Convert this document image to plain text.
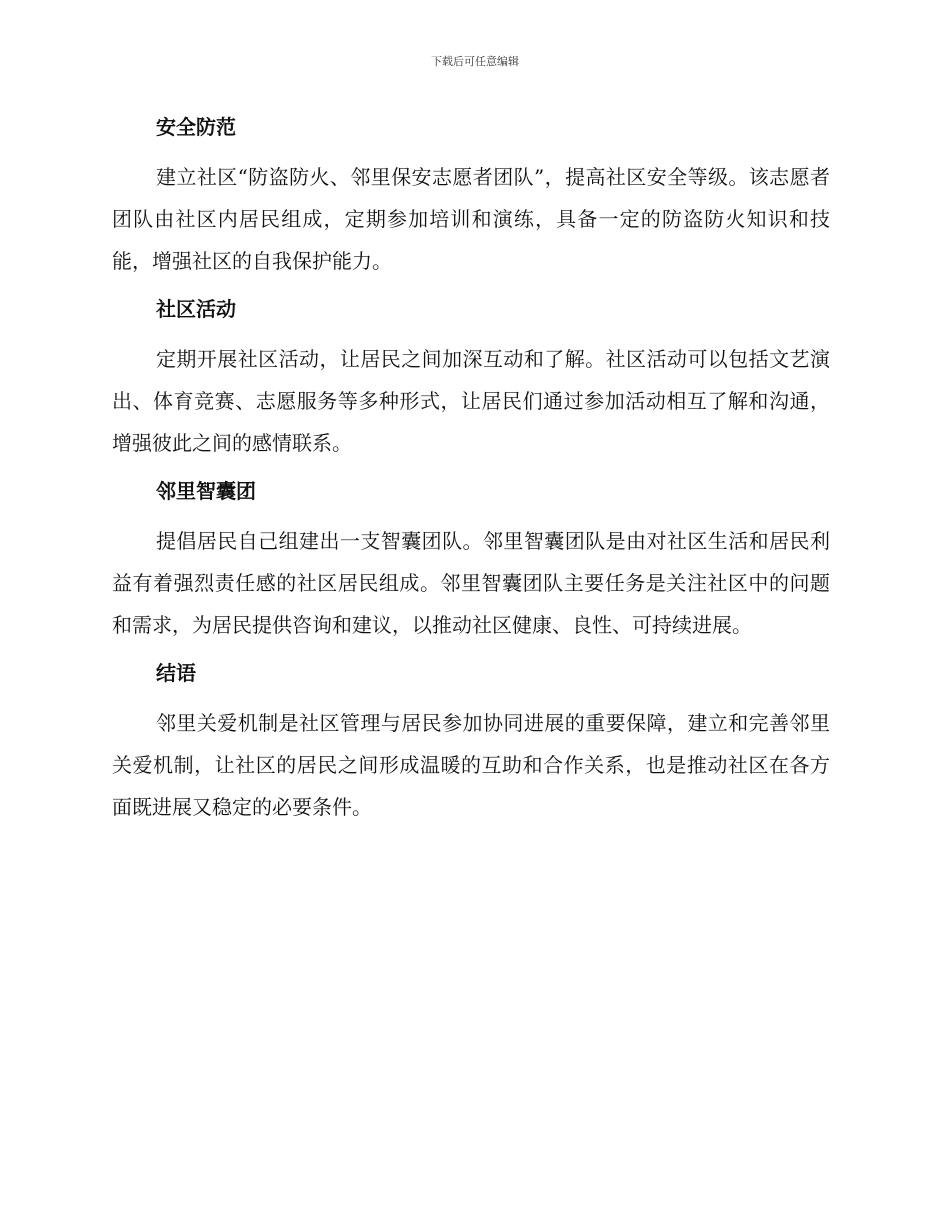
下载后可任意编辑
安全防范

建立社区“防盗防火、邻里保安志愿者团队”，提高社区安全等级。该志愿者团队由社区内居民组成，定期参加培训和演练，具备一定的防盗防火知识和技能，增强社区的自我保护能力。

社区活动

定期开展社区活动，让居民之间加深互动和了解。社区活动可以包括文艺演出、体育竞赛、志愿服务等多种形式，让居民们通过参加活动相互了解和沟通，增强彼此之间的感情联系。

邻里智囊团

提倡居民自己组建出一支智囊团队。邻里智囊团队是由对社区生活和居民利益有着强烈责任感的社区居民组成。邻里智囊团队主要任务是关注社区中的问题和需求，为居民提供咨询和建议，以推动社区健康、良性、可持续进展。

结语

邻里关爱机制是社区管理与居民参加协同进展的重要保障，建立和完善邻里关爱机制，让社区的居民之间形成温暖的互助和合作关系，也是推动社区在各方面既进展又稳定的必要条件。
